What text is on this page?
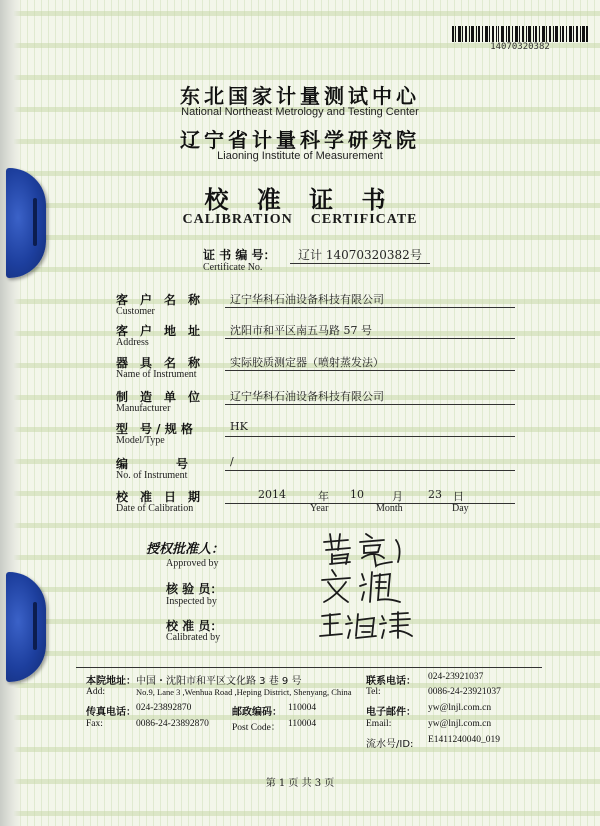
14070320382
东北国家计量测试中心
National Northeast Metrology and Testing Center
辽宁省计量科学研究院
Liaoning Institute of Measurement
校 准 证 书
CALIBRATION    CERTIFICATE
证 书 编 号： 辽计 14070320382 号
Certificate No.
客　户　名　称	辽宁华科石油设备科技有限公司
Customer
客　户　地　址	沈阳市和平区南五马路 57 号
Address
器　具　名　称	实际胶质测定器（喷射蒸发法）
Name of Instrument
制　造　单　位	辽宁华科石油设备科技有限公司
Manufacturer
型　号 / 规 格	HK
Model/Type
编　　　　号	/
No. of Instrument
校　准　日　期	2014	年 10	月 23 日
Date of Calibration	Year	Month	Day
授权批准人：
Approved by
核 验 员：
Inspected by
校 准 员：
Calibrated by
本院地址： 中国・沈阳市和平区文化路 3 巷 9 号	联系电话： 024-23921037
Add:	No.9, Lane 3 ,Wenhua Road ,Heping District, Shenyang, China Tel:	0086-24-23921037
传真电话： 024-23892870	邮政编码： 110004	电子邮件： yw@lnjl.com.cn
Fax:	0086-24-23892870 Post Code： 110004	Email:	yw@lnjl.com.cn
流水号/ID: E1411240040_019
第 1 页 共 3 页
